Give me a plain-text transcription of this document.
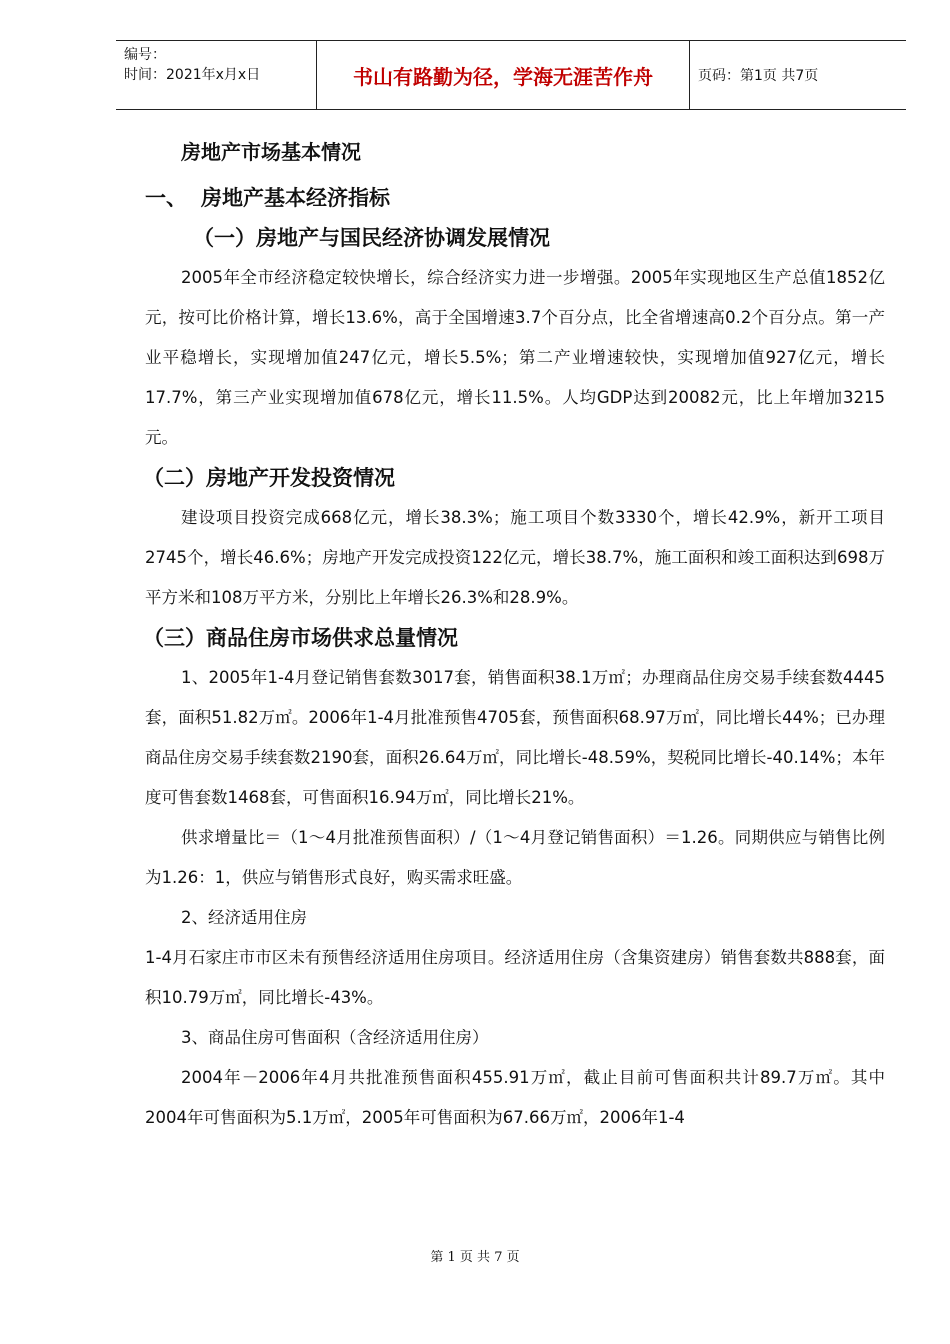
编号：
时间：2021年x月x日	书山有路勤为径，学海无涯苦作舟	页码：第1页 共7页
房地产市场基本情况
一、 房地产基本经济指标
（一）房地产与国民经济协调发展情况

2005年全市经济稳定较快增长，综合经济实力进一步增强。2005年实现地区生产总值1852亿元，按可比价格计算，增长13.6%，高于全国增速3.7个百分点，比全省增速高0.2个百分点。第一产业平稳增长，实现增加值247亿元，增长5.5%；第二产业增速较快，实现增加值927亿元，增长17.7%，第三产业实现增加值678亿元，增长11.5%。人均GDP达到20082元，比上年增加3215元。

（二）房地产开发投资情况

建设项目投资完成668亿元，增长38.3%；施工项目个数3330个，增长42.9%，新开工项目2745个，增长46.6%；房地产开发完成投资122亿元，增长38.7%，施工面积和竣工面积达到698万平方米和108万平方米，分别比上年增长26.3%和28.9%。

（三）商品住房市场供求总量情况

1、2005年1-4月登记销售套数3017套，销售面积38.1万㎡；办理商品住房交易手续套数4445套，面积51.82万㎡。2006年1-4月批准预售4705套，预售面积68.97万㎡，同比增长44%；已办理商品住房交易手续套数2190套，面积26.64万㎡，同比增长-48.59%，契税同比增长-40.14%；本年度可售套数1468套，可售面积16.94万㎡，同比增长21%。

供求增量比＝（1～4月批准预售面积）/（1～4月登记销售面积）＝1.26。同期供应与销售比例为1.26：1，供应与销售形式良好，购买需求旺盛。

2、经济适用住房

1-4月石家庄市市区未有预售经济适用住房项目。经济适用住房（含集资建房）销售套数共888套，面积10.79万㎡，同比增长-43%。

3、商品住房可售面积（含经济适用住房）

2004年－2006年4月共批准预售面积455.91万㎡，截止目前可售面积共计89.7万㎡。其中2004年可售面积为5.1万㎡，2005年可售面积为67.66万㎡，2006年1-4

第 1 页 共 7 页
